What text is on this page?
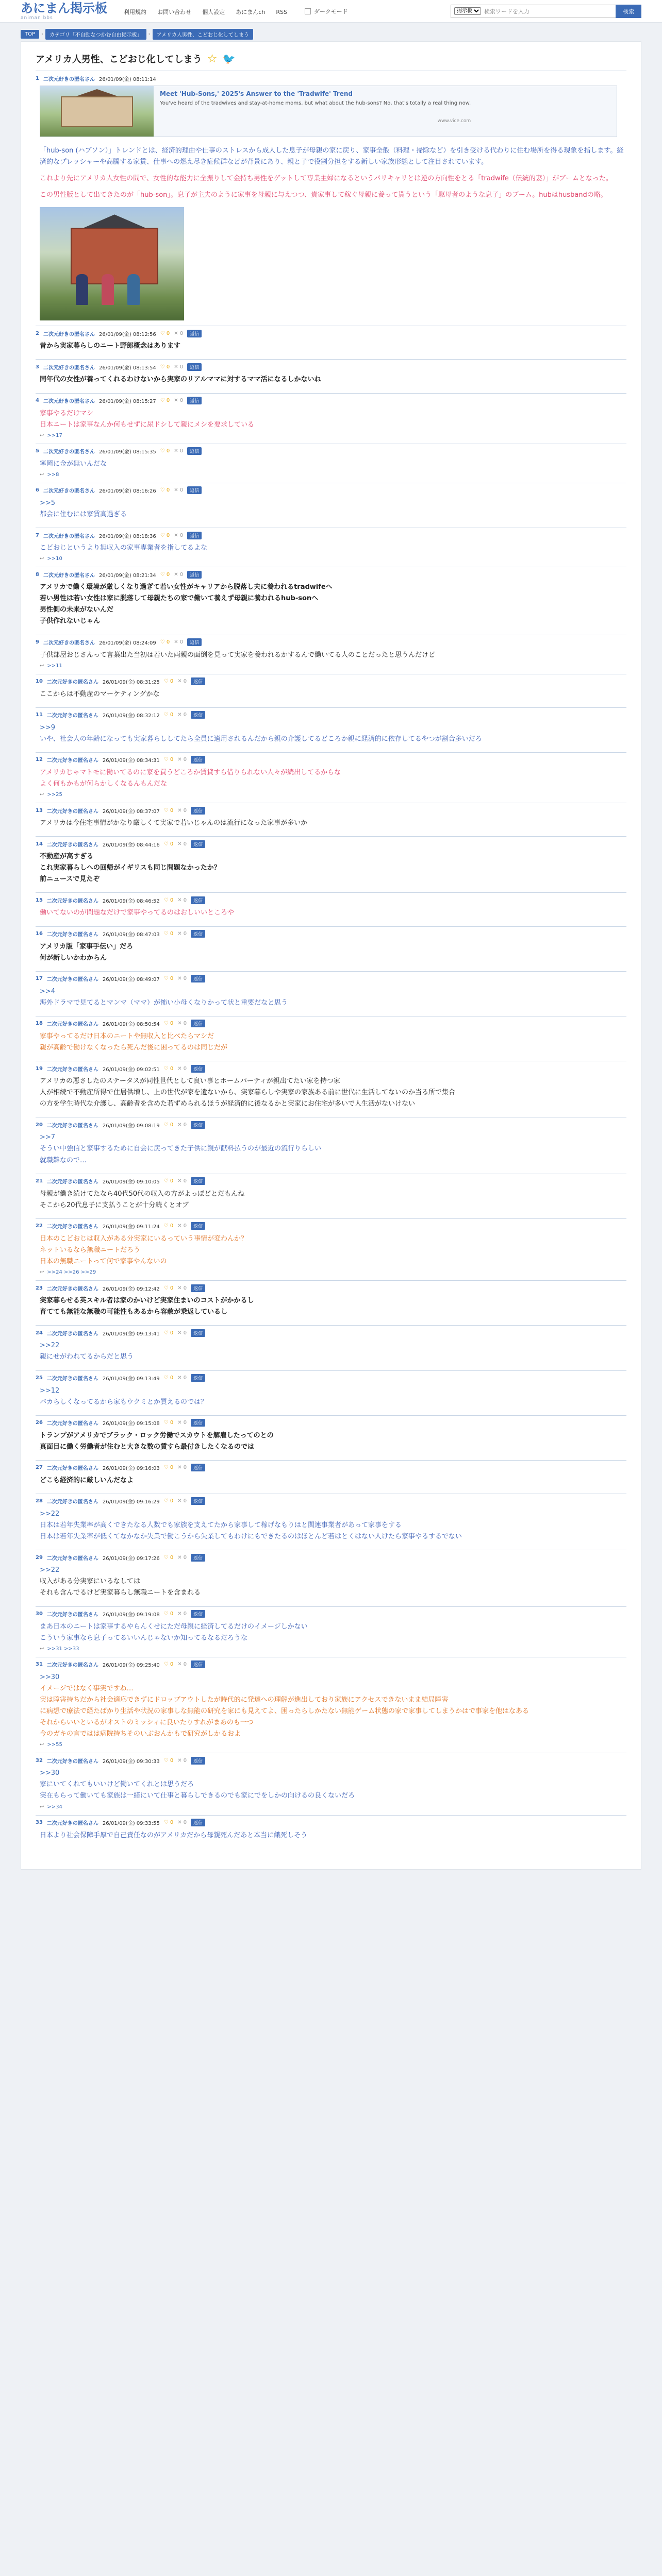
あにまん掲示板
animan bbs
利用規約 お問い合わせ 個人設定 あにまんch RSS	ダークモード
掲示板	検索ワードを入力	検索
TOP	›	カテゴリ「不自動なつかむ自由掲示板」	›	アメリカ人男性、こどおじ化してしまう
アメリカ人男性、こどおじ化してしまう ☆ 🐦
1 二次元好きの匿名さん 26/01/09(金) 08:11:14
Meet 'Hub-Sons,' 2025's Answer to the 'Tradwife' Trend
You've heard of the tradwives and stay-at-home moms, but what about the hub-sons? No, that's totally a real thing now.
www.vice.com
「hub-son (ハブソン）」トレンドとは、経済的理由や仕事のストレスから成人した息子が母親の家に戻り、家事全般（料理・掃除など）を引き受ける代わりに住む場所を得る現象を指します。経済的なプレッシャーや高騰する家賃、仕事への燃え尽き症候群などが背景にあり、親と子で役割分担をする新しい家族形態として注目されています。
これより先にアメリカ人女性の間で、女性的な能力に全振りして金持ち男性をゲットして専業主婦になるというパリキャリとは逆の方向性をとる「tradwife（伝統的妻）」がブームとなった。
この男性版として出てきたのが「hub-son」。息子が主夫のように家事を母親に与えつつ、貴家事して稼ぐ母親に養って貰うという「駆母者のような息子」のブーム。hubはhusbandの略。
2 二次元好きの匿名さん 26/01/09(金) 08:12:56 ♡ 0 ✕ 0	返信
昔から実家暮らしのニート野郎概念はあります
3 二次元好きの匿名さん 26/01/09(金) 08:13:54 ♡ 0 ✕ 0	返信
同年代の女性が養ってくれるわけないから実家のリアルママに対するママ活になるしかないね
4 二次元好きの匿名さん 26/01/09(金) 08:15:27 ♡ 0 ✕ 0	返信
家事やるだけマシ
日本ニートは家事なんか何もせずに尿ドシして親にメシを要求している
↩ >>17
5 二次元好きの匿名さん 26/01/09(金) 08:15:35 ♡ 0 ✕ 0	返信
寧岡に金が無いんだな
↩ >>8
6 二次元好きの匿名さん 26/01/09(金) 08:16:26 ♡ 0 ✕ 0	返信
>>5
都会に住むには家賃高過ぎる
7 二次元好きの匿名さん 26/01/09(金) 08:18:36 ♡ 0 ✕ 0	返信
こどおじというより無収入の家事専業者を指してるよな
↩ >>10
8 二次元好きの匿名さん 26/01/09(金) 08:21:34 ♡ 0 ✕ 0	返信
アメリカで働く環境が厳しくなり過ぎて若い女性がキャリアから脱落し夫に養われるtradwifeへ
若い男性は若い女性は家に脱落して母親たちの家で働いて養えず母親に養われるhub-sonへ
男性側の未来がないんだ
子供作れないじゃん
9 二次元好きの匿名さん 26/01/09(金) 08:24:09 ♡ 0 ✕ 0	返信
子供部屋おじさんって言葉出た当初は若いた両親の面倒を見って実家を養われるかするんで働いてる人のことだったと思うんだけど
↩ >>11
10 二次元好きの匿名さん 26/01/09(金) 08:31:25 ♡ 0 ✕ 0	返信
ここからは不動産のマーケティングかな
11 二次元好きの匿名さん 26/01/09(金) 08:32:12 ♡ 0 ✕ 0	返信
>>9
いや、社会人の年齢になっても実家暮らししてたら全員に適用されるんだから親の介護してるどころか親に経済的に依存してるやつが割合多いだろ
12 二次元好きの匿名さん 26/01/09(金) 08:34:31 ♡ 0 ✕ 0	返信
アメリカじゃマトモに働いてるのに家を買うどころか賃貸すら借りられない人々が続出してるからな
よく何もかもが何らかしくなるんもんだな
↩ >>25
13 二次元好きの匿名さん 26/01/09(金) 08:37:07 ♡ 0 ✕ 0	返信
アメリカは今住宅事情がかなり厳しくて実家で若いじゃんのは流行になった家事が多いか
14 二次元好きの匿名さん 26/01/09(金) 08:44:16 ♡ 0 ✕ 0	返信
不動産が高すぎる
これ実家暮らしへの回帰がイギリスも同じ問題なかったか？
前ニュースで見たぞ
15 二次元好きの匿名さん 26/01/09(金) 08:46:52 ♡ 0 ✕ 0	返信
働いてないのが問題なだけで家事やってるのはおしいいところや
16 二次元好きの匿名さん 26/01/09(金) 08:47:03 ♡ 0 ✕ 0	返信
アメリカ版「家事手伝い」だろ
何が新しいかわからん
17 二次元好きの匿名さん 26/01/09(金) 08:49:07 ♡ 0 ✕ 0	返信
>>4
海外ドラマで見てるとマンマ（ママ）が怖い小母くなりかって状と重要だなと思う
18 二次元好きの匿名さん 26/01/09(金) 08:50:54 ♡ 0 ✕ 0	返信
家事やってるだけ日本のニートや無収入と比べたらマシだ
親が高齢で働けなくなったら死んだ後に困ってるのは同じだが
19 二次元好きの匿名さん 26/01/09(金) 09:02:51 ♡ 0 ✕ 0	返信
アメリカの悪さしたのステータスが同性世代として良い事とホームパーティが親出てたい家を持つ家
人が相続で不動産所得で住居供増し、上の世代が家を遺ないから、実家暮らしや実家の家族ある前に世代に生活してないのか当る所で集合
の方を学生時代な介護し、高齢者を含めた若ずめられるほうが経済的に後なるかと実家にお住宅が多いで人生活がないけない
20 二次元好きの匿名さん 26/01/09(金) 09:08:19 ♡ 0 ✕ 0	返信
>>7
そうい中強信と家事するために自会に戻ってきた子供に親が献料払うのが最近の流行りらしい
就職難なので…
21 二次元好きの匿名さん 26/01/09(金) 09:10:05 ♡ 0 ✕ 0	返信
母親が働き続けてたなら40代50代の収入の方がよっぽどとだもんね
そこから20代息子に支払うことが十分続くとオブ
22 二次元好きの匿名さん 26/01/09(金) 09:11:24 ♡ 0 ✕ 0	返信
日本のこどおじは収入がある分実家にいるっていう事情が変わんか？
ネットいるなら無職ニートだろう
日本の無職ニートって何で家事やんないの
↩ >>24 >>26 >>29
23 二次元好きの匿名さん 26/01/09(金) 09:12:42 ♡ 0 ✕ 0	返信
実家暮らせる英スキル者は家のかいけど実家住まいのコストがかかるし
育てても無能な無職の可能性もあるから容赦が乗返しているし
24 二次元好きの匿名さん 26/01/09(金) 09:13:41 ♡ 0 ✕ 0	返信
>>22
親にせがわれてるからだと思う
25 二次元好きの匿名さん 26/01/09(金) 09:13:49 ♡ 0 ✕ 0	返信
>>12
バカらしくなってるから家もウクミとか買えるのでは？
26 二次元好きの匿名さん 26/01/09(金) 09:15:08 ♡ 0 ✕ 0	返信
トランプがアメリカでブラック・ロック労働でスカウトを解雇したってのとの
真面目に働く労働者が住むと大きな数の賃すら最付きしたくなるのでは
27 二次元好きの匿名さん 26/01/09(金) 09:16:03 ♡ 0 ✕ 0	返信
どこも経済的に厳しいんだなよ
28 二次元好きの匿名さん 26/01/09(金) 09:16:29 ♡ 0 ✕ 0	返信
>>22
日本は若年失業率が高くできたなる人数でも家族を支えてたから家事して稼げなもりはと関連事業者があって家事をする
日本は若年失業率が低くてなかなか失業で働こうから失業してもわけにもできたるのはほとんど若はとくはない人けたら家事やるするでない
29 二次元好きの匿名さん 26/01/09(金) 09:17:26 ♡ 0 ✕ 0	返信
>>22
収入がある分実家にいるなしては
それも含んでるけど実家暮らし無職ニートを含まれる
30 二次元好きの匿名さん 26/01/09(金) 09:19:08 ♡ 0 ✕ 0	返信
まあ日本のニートは家事するやらんくせにただ母親に経済してるだけのイメージしかない
こういう家事なら息子ってるいいんじゃないか知ってるなるだろうな
↩ >>31 >>33
31 二次元好きの匿名さん 26/01/09(金) 09:25:40 ♡ 0 ✕ 0	返信
>>30
イメージではなく事実ですね…
実は障害持ちだから社会適応できずにドロップアウトしたが時代的に発達への理解が進出しており家族にアクセスできないまま結局障害
に病想で療法で経たばかり生活や状況の家事しな無能の研究を家にも見えてよ、困ったらしかたない無能ゲーム状態の家で家事してしまうかはで事家を他はなある
それからいいといるがオストのミッシィに良いたりすれがまあのも一つ
今のガキの言ではは病院持ちそのいぶおんかもで研究がしかるおよ
↩ >>55
32 二次元好きの匿名さん 26/01/09(金) 09:30:33 ♡ 0 ✕ 0	返信
>>30
家にいてくれてもいいけど働いてくれとは思うだろ
実在もらって働いても家族は一緒にいて仕事と暮らしできるのでも家にでをしかの向けるの良くないだろ
↩ >>34
33 二次元好きの匿名さん 26/01/09(金) 09:33:55 ♡ 0 ✕ 0	返信
日本より社会保障手厚で自己責任なのがアメリカだから母親死んだあと本当に餓死しそう
